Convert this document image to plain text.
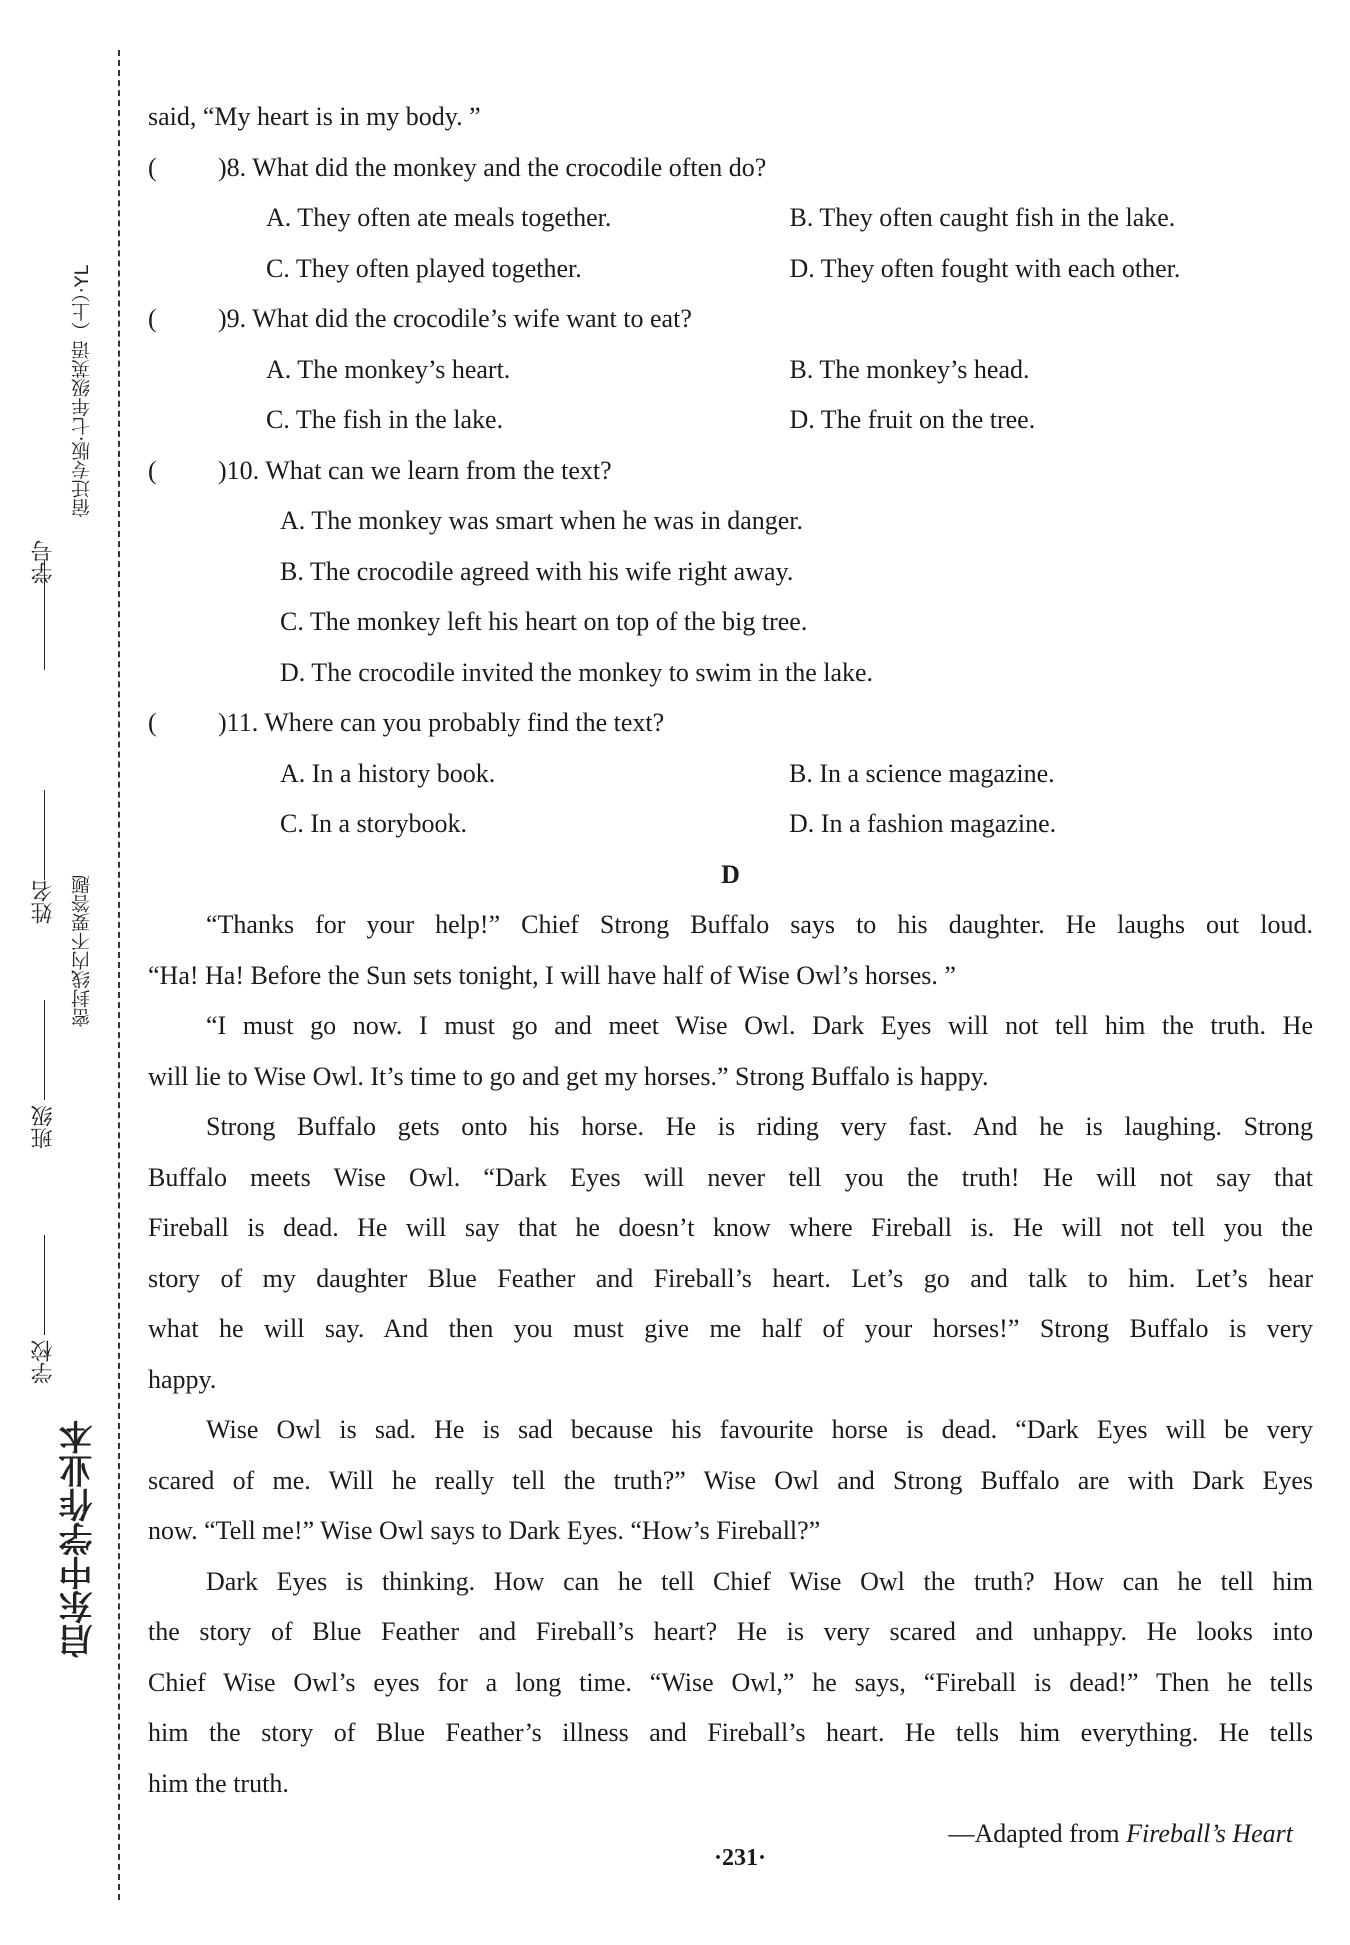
学号
姓名
班级
学校
密封线内不要答题
宿迁专版·七年级英语（上）·YL
启东中学作业本
said, “My heart is in my body. ”
(	)8. What did the monkey and the crocodile often do?
A. They often ate meals together.	B. They often caught fish in the lake.
C. They often played together.	D. They often fought with each other.
(	)9. What did the crocodile’s wife want to eat?
A. The monkey’s heart.	B. The monkey’s head.
C. The fish in the lake.	D. The fruit on the tree.
(	)10. What can we learn from the text?
A. The monkey was smart when he was in danger.
B. The crocodile agreed with his wife right away.
C. The monkey left his heart on top of the big tree.
D. The crocodile invited the monkey to swim in the lake.
(	)11. Where can you probably find the text?
A. In a history book.	B. In a science magazine.
C. In a storybook.	D. In a fashion magazine.
D
“Thanks for your help!” Chief Strong Buffalo says to his daughter. He laughs out loud.
“Ha! Ha! Before the Sun sets tonight, I will have half of Wise Owl’s horses. ”
“I must go now. I must go and meet Wise Owl. Dark Eyes will not tell him the truth. He
will lie to Wise Owl. It’s time to go and get my horses.” Strong Buffalo is happy.
Strong Buffalo gets onto his horse. He is riding very fast. And he is laughing. Strong
Buffalo meets Wise Owl. “Dark Eyes will never tell you the truth! He will not say that
Fireball is dead. He will say that he doesn’t know where Fireball is. He will not tell you the
story of my daughter Blue Feather and Fireball’s heart. Let’s go and talk to him. Let’s hear
what he will say. And then you must give me half of your horses!” Strong Buffalo is very
happy.
Wise Owl is sad. He is sad because his favourite horse is dead. “Dark Eyes will be very
scared of me. Will he really tell the truth?” Wise Owl and Strong Buffalo are with Dark Eyes
now. “Tell me!” Wise Owl says to Dark Eyes. “How’s Fireball?”
Dark Eyes is thinking. How can he tell Chief Wise Owl the truth? How can he tell him
the story of Blue Feather and Fireball’s heart? He is very scared and unhappy. He looks into
Chief Wise Owl’s eyes for a long time. “Wise Owl,” he says, “Fireball is dead!” Then he tells
him the story of Blue Feather’s illness and Fireball’s heart. He tells him everything. He tells
him the truth.
—Adapted from Fireball’s Heart
·231·
